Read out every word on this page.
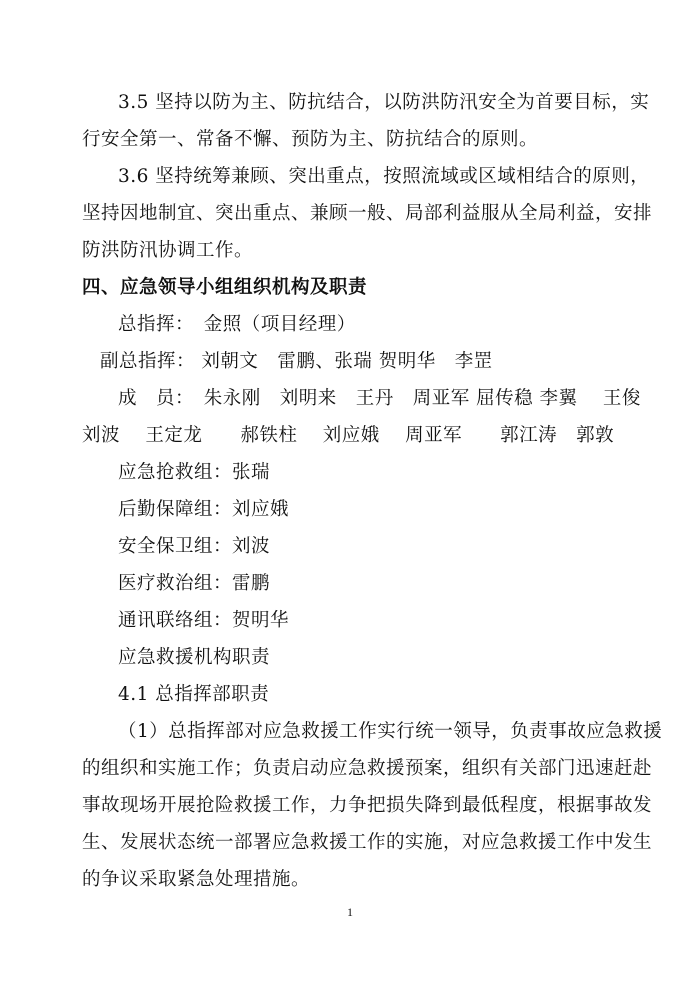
3.5 坚持以防为主、防抗结合，以防洪防汛安全为首要目标，实
行安全第一、常备不懈、预防为主、防抗结合的原则。
3.6 坚持统筹兼顾、突出重点，按照流域或区域相结合的原则，
坚持因地制宜、突出重点、兼顾一般、局部利益服从全局利益，安排
防洪防汛协调工作。
四、应急领导小组组织机构及职责
总指挥：　金照（项目经理）
副总指挥： 刘朝文　雷鹏、张瑞 贺明华　李罡
成　员：　朱永刚　刘明来　王丹　周亚军 屈传稳 李翼　 王俊
刘波　 王定龙　　郝铁柱　 刘应娥　 周亚军　　郭江涛　郭敦
应急抢救组：张瑞
后勤保障组：刘应娥
安全保卫组：刘波
医疗救治组：雷鹏
通讯联络组：贺明华
应急救援机构职责
4.1 总指挥部职责
（1）总指挥部对应急救援工作实行统一领导，负责事故应急救援
的组织和实施工作；负责启动应急救援预案，组织有关部门迅速赶赴
事故现场开展抢险救援工作，力争把损失降到最低程度，根据事故发
生、发展状态统一部署应急救援工作的实施，对应急救援工作中发生
的争议采取紧急处理措施。
1
